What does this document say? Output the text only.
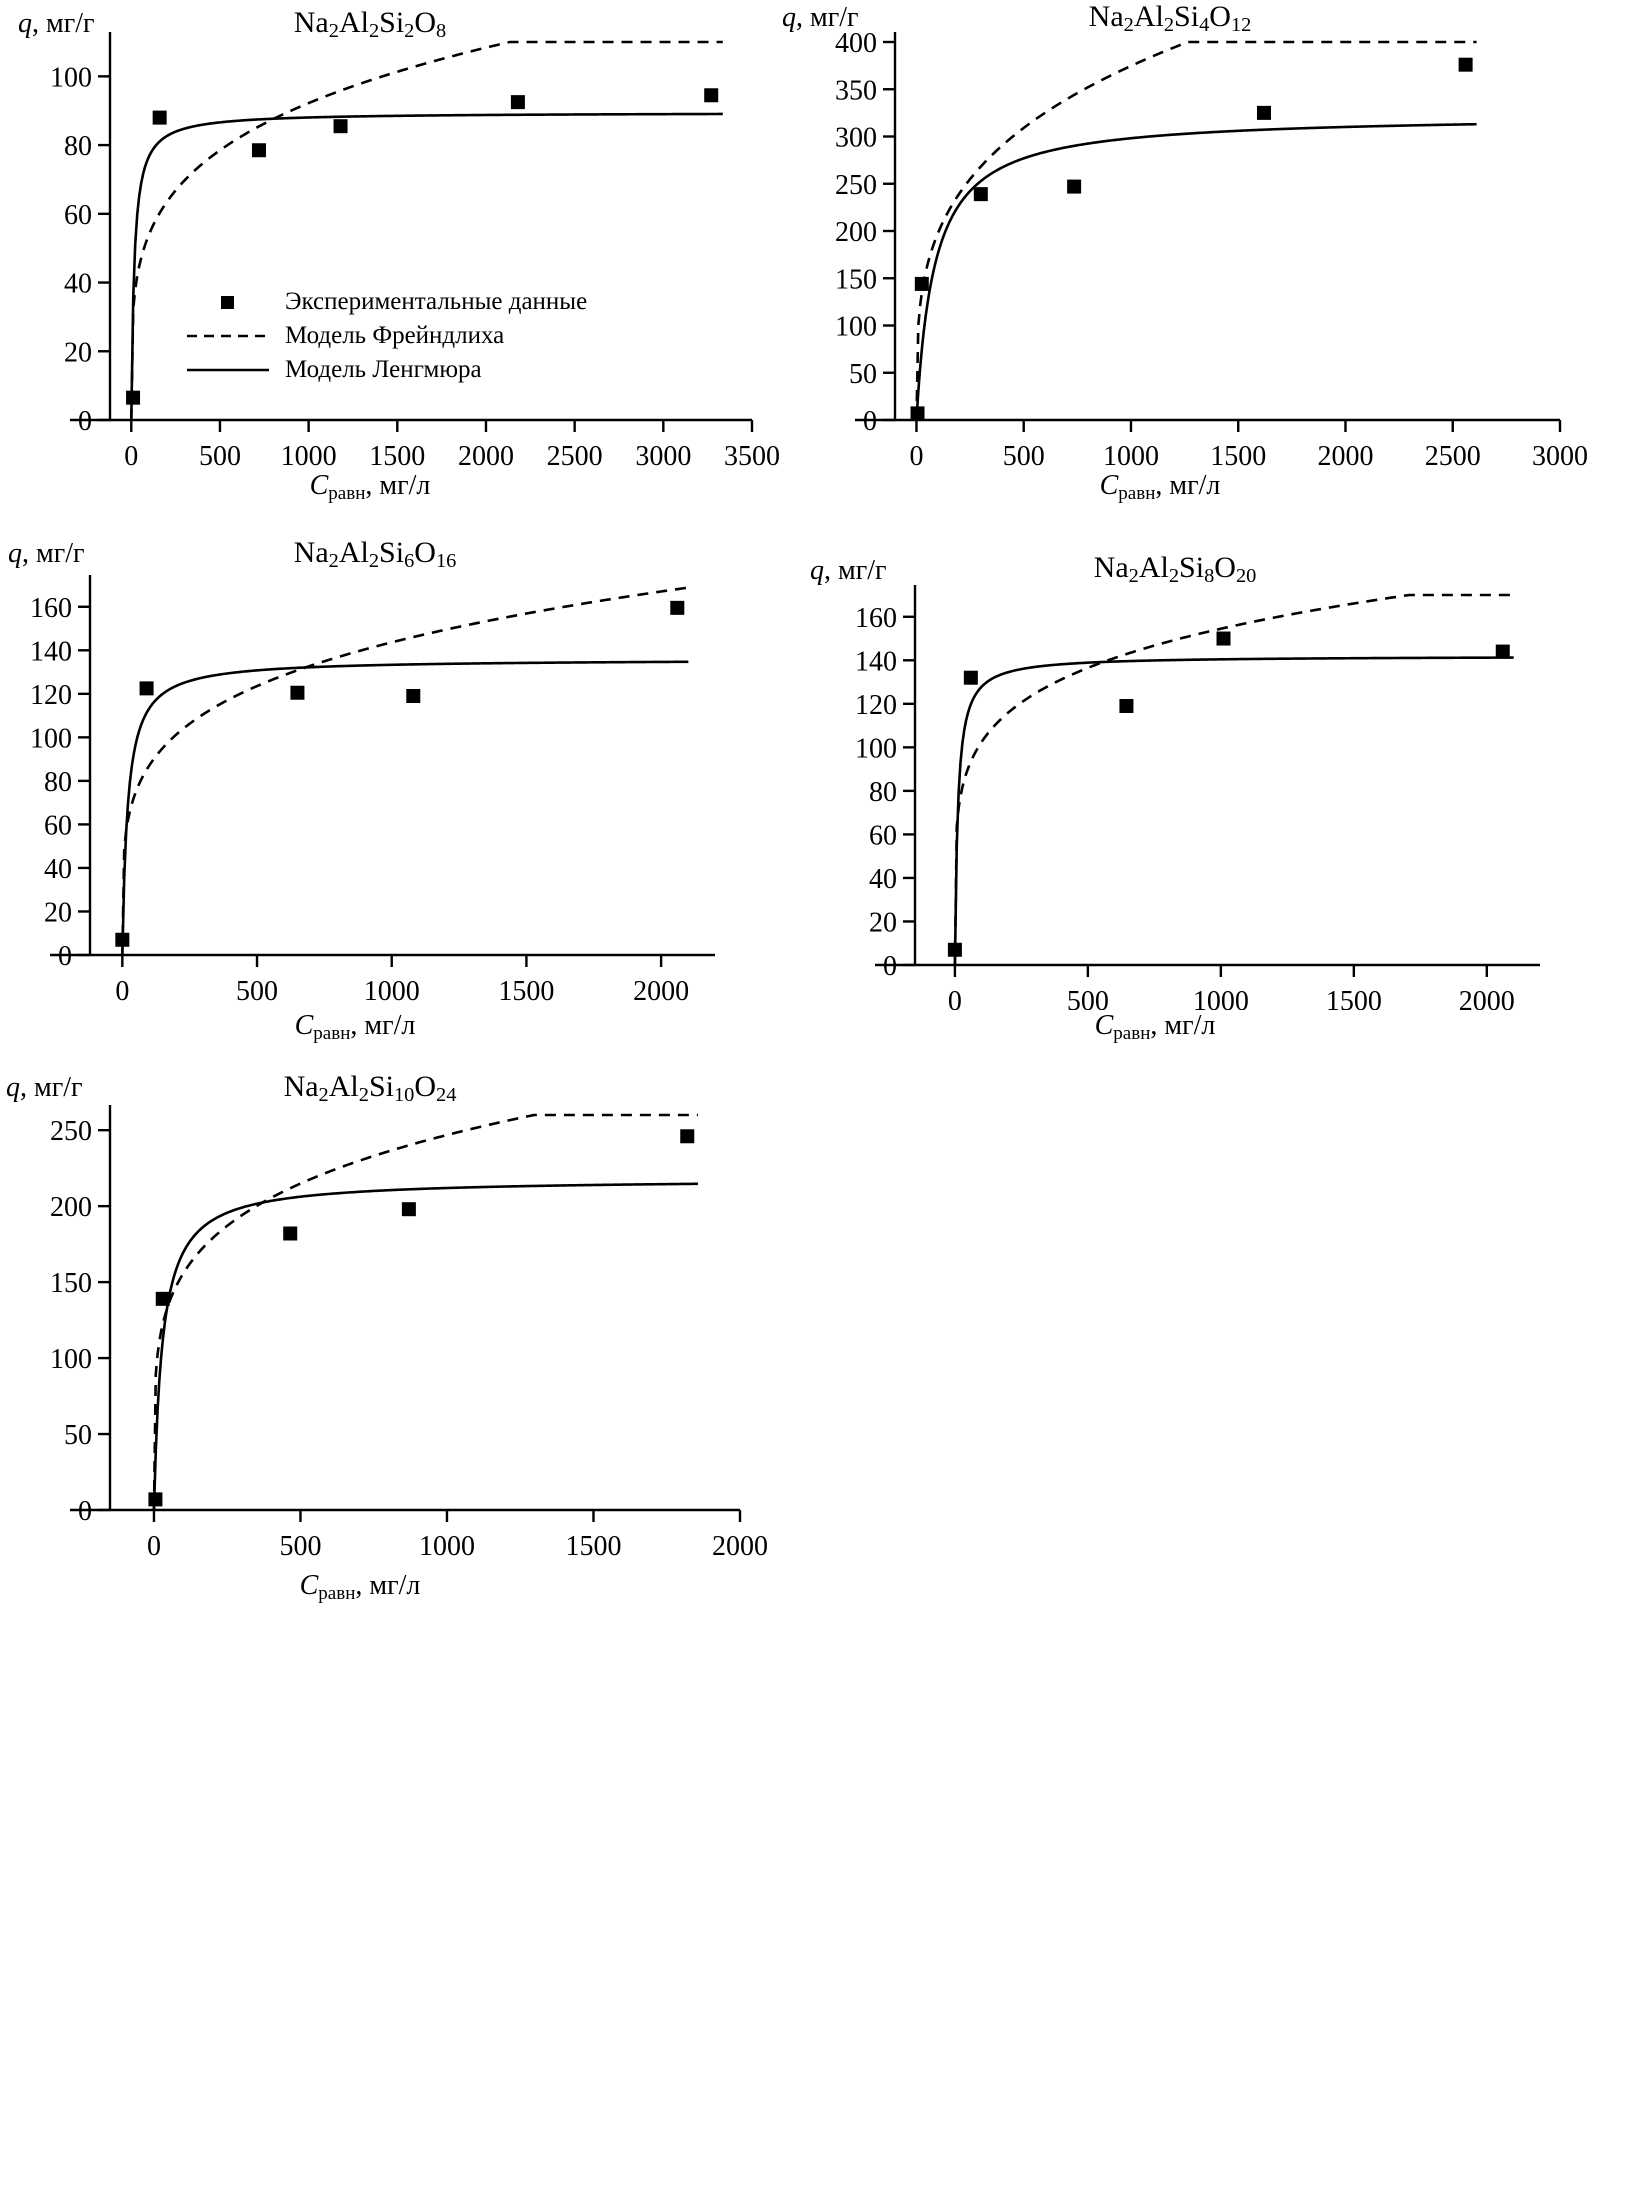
$Na_2Al_2Si_2O_8$
q, мг/г
$C_{равн}$, мг/л
0
20
40
60
80
100
0 500 1000 1500 2000 2500 3000 3500
Экспериментальные данные
Модель Фрейндлиха
Модель Ленгмюра
$Na_2Al_2Si_4O_{12}$
q, мг/г
$C_{равн}$, мг/л
0
50
100
150
200
250
300
350
400
0	500 1000 1500 2000 2500 3000
$Na_2Al_2Si_6O_{16}$
q, мг/г
$C_{равн}$, мг/л
0
20
40
60
80
100
120
140
160
0	500	1000	1500	2000
$Na_2Al_2Si_8O_{20}$
q, мг/г
$C_{равн}$, мг/л
0
20
40
60
80
100
120
140
160
0	500	1000	1500	2000
$Na_2Al_2Si_{10}O_{24}$
q, мг/г
$C_{равн}$, мг/л
0
50
100
150
200
250
0	500	1000	1500	2000
